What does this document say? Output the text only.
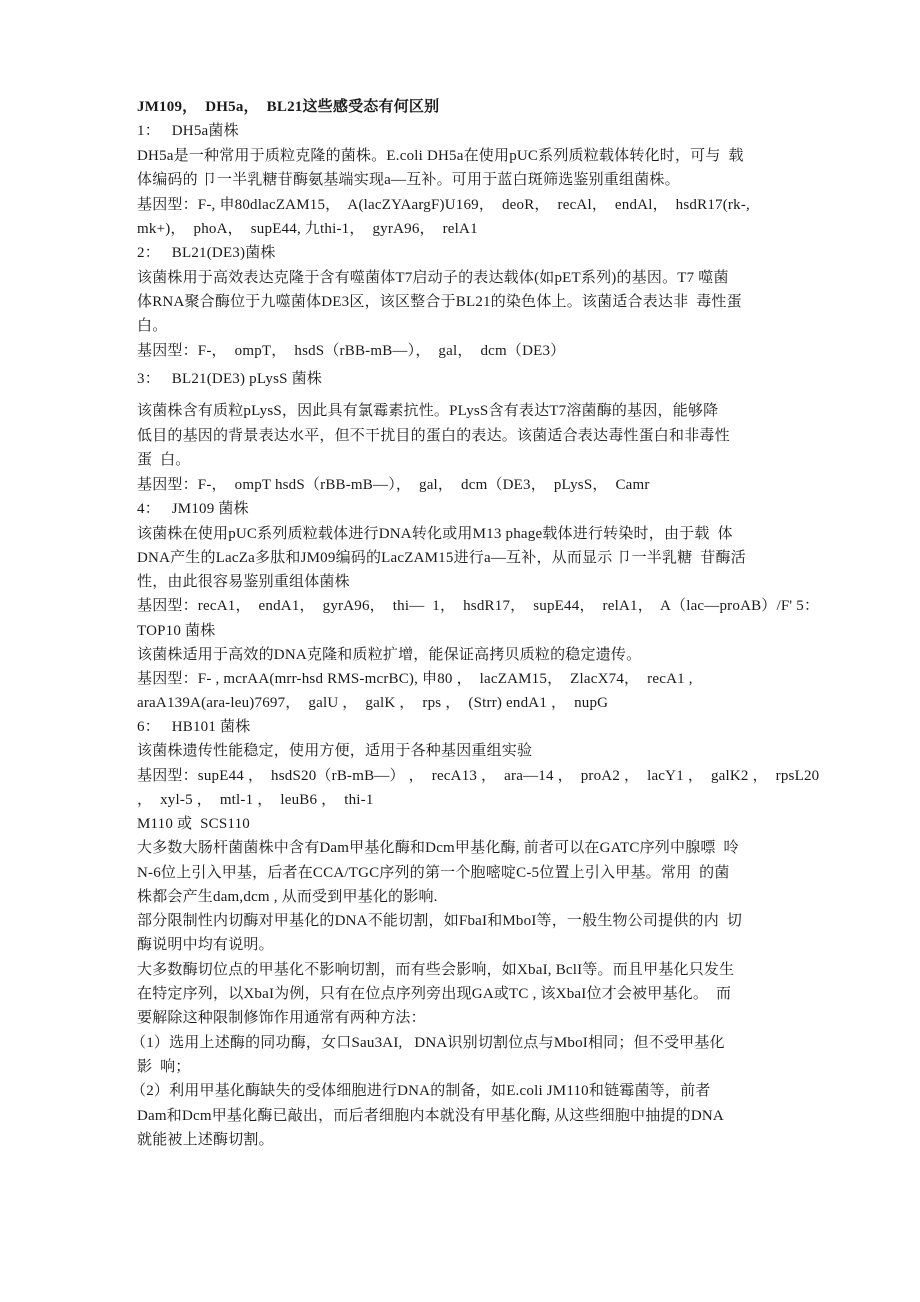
JM109，  DH5a，  BL21这些感受态有何区别
1：   DH5a菌株
DH5a是一种常用于质粒克隆的菌株。E.coli DH5a在使用pUC系列质粒载体转化时，可与  载
体编码的 卩一半乳糖苷酶氨基端实现a—互补。可用于蓝白斑筛选鉴别重组菌株。
基因型：F-, 申80dlacZAM15，  A(lacZYAargF)U169，  deoR，  recAl，  endAl，  hsdR17(rk-,
mk+)，  phoA，  supE44, 九thi-1，  gyrA96，  relA1
2：   BL21(DE3)菌株
该菌株用于高效表达克隆于含有噬菌体T7启动子的表达载体(如pET系列)的基因。T7 噬菌
体RNA聚合酶位于九噬菌体DE3区，该区整合于BL21的染色体上。该菌适合表达非  毒性蛋
白。
基因型：F-，  ompT，  hsdS（rBB-mB—），  gal，  dcm（DE3）
3：   BL21(DE3) pLysS 菌株
该菌株含有质粒pLysS，因此具有氯霉素抗性。PLysS含有表达T7溶菌酶的基因，能够降
低目的基因的背景表达水平，但不干扰目的蛋白的表达。该菌适合表达毒性蛋白和非毒性
蛋  白。
基因型：F-，  ompT hsdS（rBB-mB—），  gal，  dcm（DE3，  pLysS，  Camr
4：   JM109 菌株
该菌株在使用pUC系列质粒载体进行DNA转化或用M13 phage载体进行转染时，由于载  体
DNA产生的LacZa多肽和JM09编码的LacZAM15进行a—互补，从而显示 卩一半乳糖  苷酶活
性，由此很容易鉴别重组体菌株
基因型：recA1，  endA1，  gyrA96，  thi—  1，  hsdR17，  supE44，  relA1，  A（lac—proAB）/F' 5：
TOP10 菌株
该菌株适用于高效的DNA克隆和质粒扩增，能保证高拷贝质粒的稳定遗传。
基因型：F- , mcrAA(mrr-hsd RMS-mcrBC), 申80 ，  lacZAM15，  ZlacX74，  recA1 ,
araA139A(ara-leu)7697，  galU ，  galK ，  rps ，  (Strr) endA1 ，  nupG
6：   HB101 菌株
该菌株遗传性能稳定，使用方便，适用于各种基因重组实验
基因型：supE44 ，  hsdS20（rB-mB—） ，  recA13 ，  ara—14 ，  proA2 ，  lacY1 ，  galK2 ，  rpsL20
，  xyl-5 ，  mtl-1 ，  leuB6 ，  thi-1
M110 或  SCS110
大多数大肠杆菌菌株中含有Dam甲基化酶和Dcm甲基化酶, 前者可以在GATC序列中腺嘌  呤
N-6位上引入甲基，后者在CCA/TGC序列的第一个胞嘧啶C-5位置上引入甲基。常用  的菌
株都会产生dam,dcm , 从而受到甲基化的影响.
部分限制性内切酶对甲基化的DNA不能切割，如FbaI和MboI等，一般生物公司提供的内  切
酶说明中均有说明。
大多数酶切位点的甲基化不影响切割，而有些会影响，如XbaI, BclI等。而且甲基化只发生
在特定序列，以XbaI为例，只有在位点序列旁出现GA或TC , 该XbaI位才会被甲基化。  而
要解除这种限制修饰作用通常有两种方法：
（1）选用上述酶的同功酶，女口Sau3AI,   DNA识别切割位点与MboI相同；但不受甲基化
影  响；
（2）利用甲基化酶缺失的受体细胞进行DNA的制备，如E.coli JM110和链霉菌等，前者
Dam和Dcm甲基化酶已敲出，而后者细胞内本就没有甲基化酶, 从这些细胞中抽提的DNA
就能被上述酶切割。
